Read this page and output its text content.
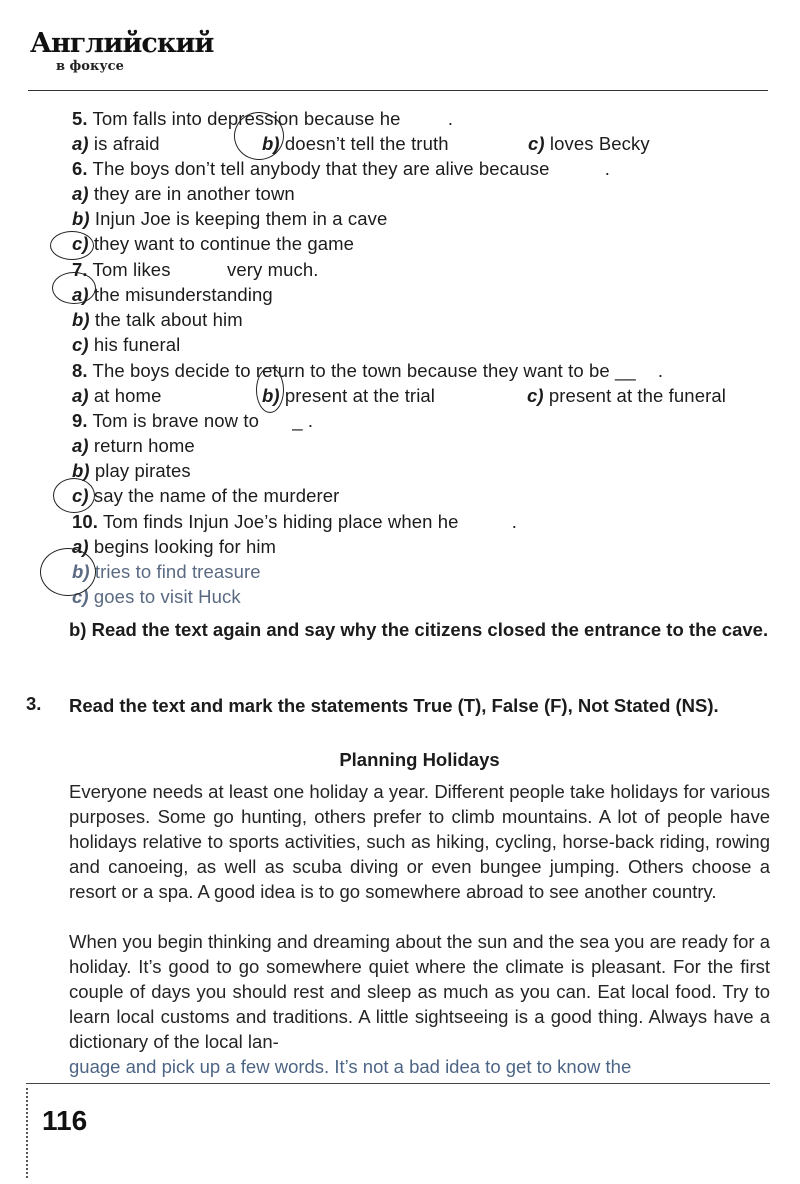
Английский
в фокусе
5. Tom falls into depression because he	.
a) is afraid	b) doesn’t tell the truth	c) loves Becky
6. The boys don’t tell anybody that they are alive because	.
a) they are in another town
b) Injun Joe is keeping them in a cave
c) they want to continue the game
7. Tom likes	very much.
a) the misunderstanding
b) the talk about him
c) his funeral
8. The boys decide to return to the town because they want to be __ .
a) at home	b) present at the trial	c) present at the funeral
9. Tom is brave now to _ .
a) return home
b) play pirates
c) say the name of the murderer
10. Tom finds Injun Joe’s hiding place when he	.
a) begins looking for him
b) tries to find treasure
c) goes to visit Huck
b) Read the text again and say why the citizens closed the entrance to the cave.
3. Read the text and mark the statements True (T), False (F), Not Stated (NS).
Planning Holidays

Everyone needs at least one holiday a year. Different people take holidays for various purposes. Some go hunting, others prefer to climb mountains. A lot of people have holidays relative to sports activities, such as hiking, cycling, horse-back riding, rowing and canoeing, as well as scuba diving or even bungee jumping. Others choose a resort or a spa. A good idea is to go somewhere abroad to see another country.

When you begin thinking and dreaming about the sun and the sea you are ready for a holiday. It’s good to go somewhere quiet where the climate is pleasant. For the first couple of days you should rest and sleep as much as you can. Eat local food. Try to learn local customs and traditions. A little sightseeing is a good thing. Always have a dictionary of the local lan-

guage and pick up a few words. It’s not a bad idea to get to know the

116
